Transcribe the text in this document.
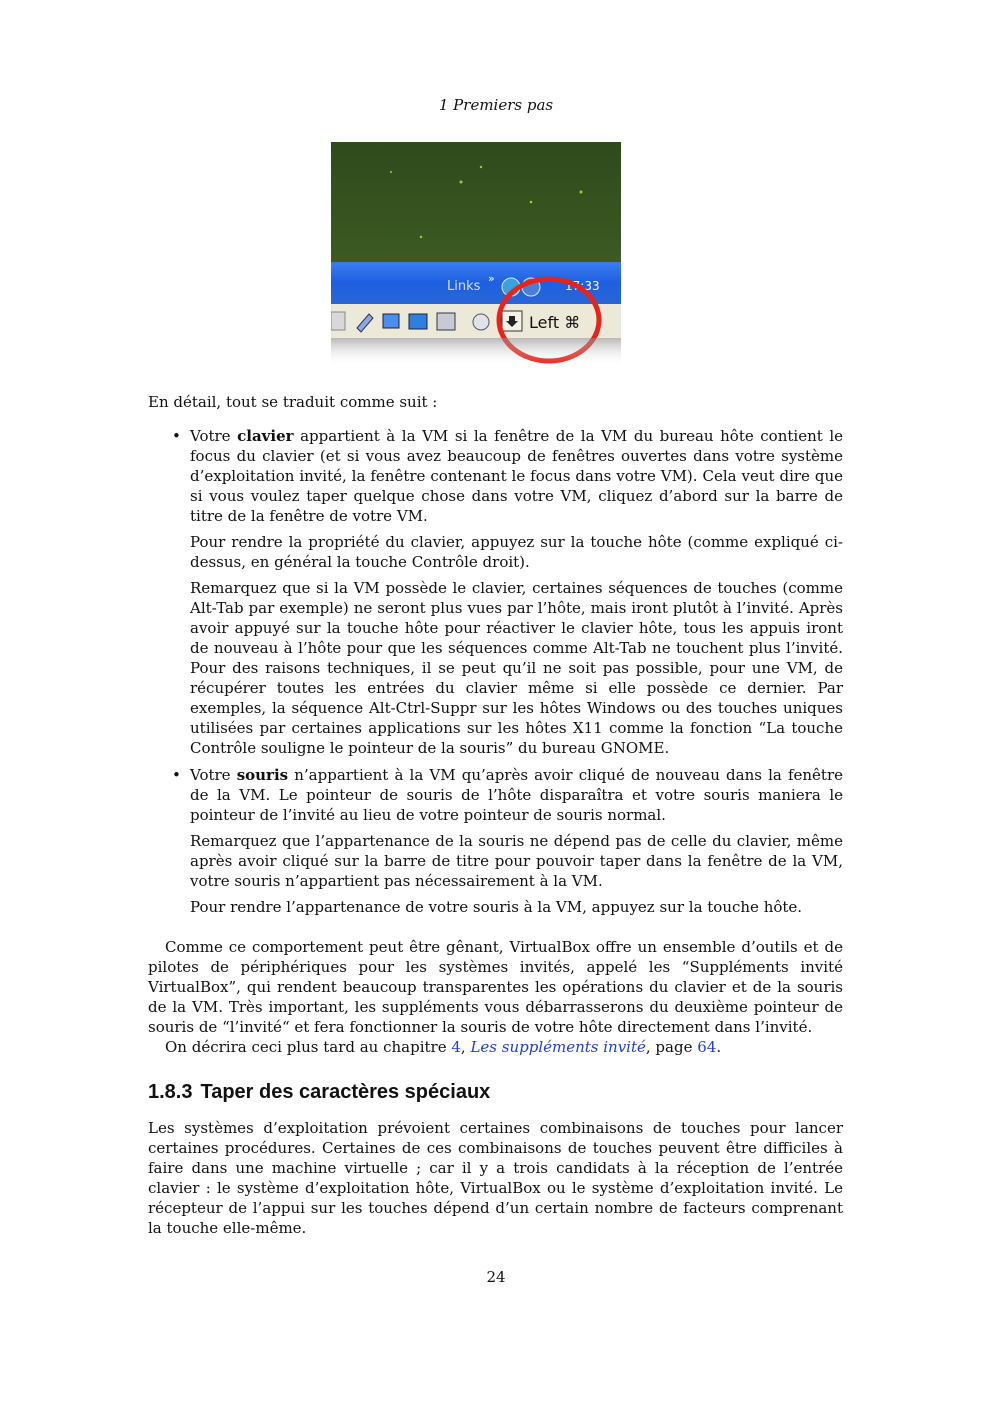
1 Premiers pas
Links
»
17:33
Left ⌘

En détail, tout se traduit comme suit :

• Votre clavier appartient à la VM si la fenêtre de la VM du bureau hôte contient le focus du clavier (et si vous avez beaucoup de fenêtres ouvertes dans votre système d’exploitation invité, la fenêtre contenant le focus dans votre VM). Cela veut dire que si vous voulez taper quelque chose dans votre VM, cliquez d’abord sur la barre de titre de la fenêtre de votre VM.

Pour rendre la propriété du clavier, appuyez sur la touche hôte (comme expliqué ci-dessus, en général la touche Contrôle droit).

Remarquez que si la VM possède le clavier, certaines séquences de touches (comme Alt-Tab par exemple) ne seront plus vues par l’hôte, mais iront plutôt à l’invité. Après avoir appuyé sur la touche hôte pour réactiver le clavier hôte, tous les appuis iront de nouveau à l’hôte pour que les séquences comme Alt-Tab ne touchent plus l’invité. Pour des raisons techniques, il se peut qu’il ne soit pas possible, pour une VM, de récupérer toutes les entrées du clavier même si elle possède ce dernier. Par exemples, la séquence Alt-Ctrl-Suppr sur les hôtes Windows ou des touches uniques utilisées par certaines applications sur les hôtes X11 comme la fonction “La touche Contrôle souligne le pointeur de la souris” du bureau GNOME.

• Votre souris n’appartient à la VM qu’après avoir cliqué de nouveau dans la fenêtre de la VM. Le pointeur de souris de l’hôte disparaîtra et votre souris maniera le pointeur de l’invité au lieu de votre pointeur de souris normal.

Remarquez que l’appartenance de la souris ne dépend pas de celle du clavier, même après avoir cliqué sur la barre de titre pour pouvoir taper dans la fenêtre de la VM, votre souris n’appartient pas nécessairement à la VM.

Pour rendre l’appartenance de votre souris à la VM, appuyez sur la touche hôte.

Comme ce comportement peut être gênant, VirtualBox offre un ensemble d’outils et de pilotes de périphériques pour les systèmes invités, appelé les “Suppléments invité VirtualBox”, qui rendent beaucoup transparentes les opérations du clavier et de la souris de la VM. Très important, les suppléments vous débarrasserons du deuxième pointeur de souris de “l’invité“ et fera fonctionner la souris de votre hôte directement dans l’invité.

On décrira ceci plus tard au chapitre 4, Les suppléments invité, page 64.

1.8.3 Taper des caractères spéciaux

Les systèmes d’exploitation prévoient certaines combinaisons de touches pour lancer certaines procédures. Certaines de ces combinaisons de touches peuvent être difficiles à faire dans une machine virtuelle ; car il y a trois candidats à la réception de l’entrée clavier : le système d’exploitation hôte, VirtualBox ou le système d’exploitation invité. Le récepteur de l’appui sur les touches dépend d’un certain nombre de facteurs comprenant la touche elle-même.

24
